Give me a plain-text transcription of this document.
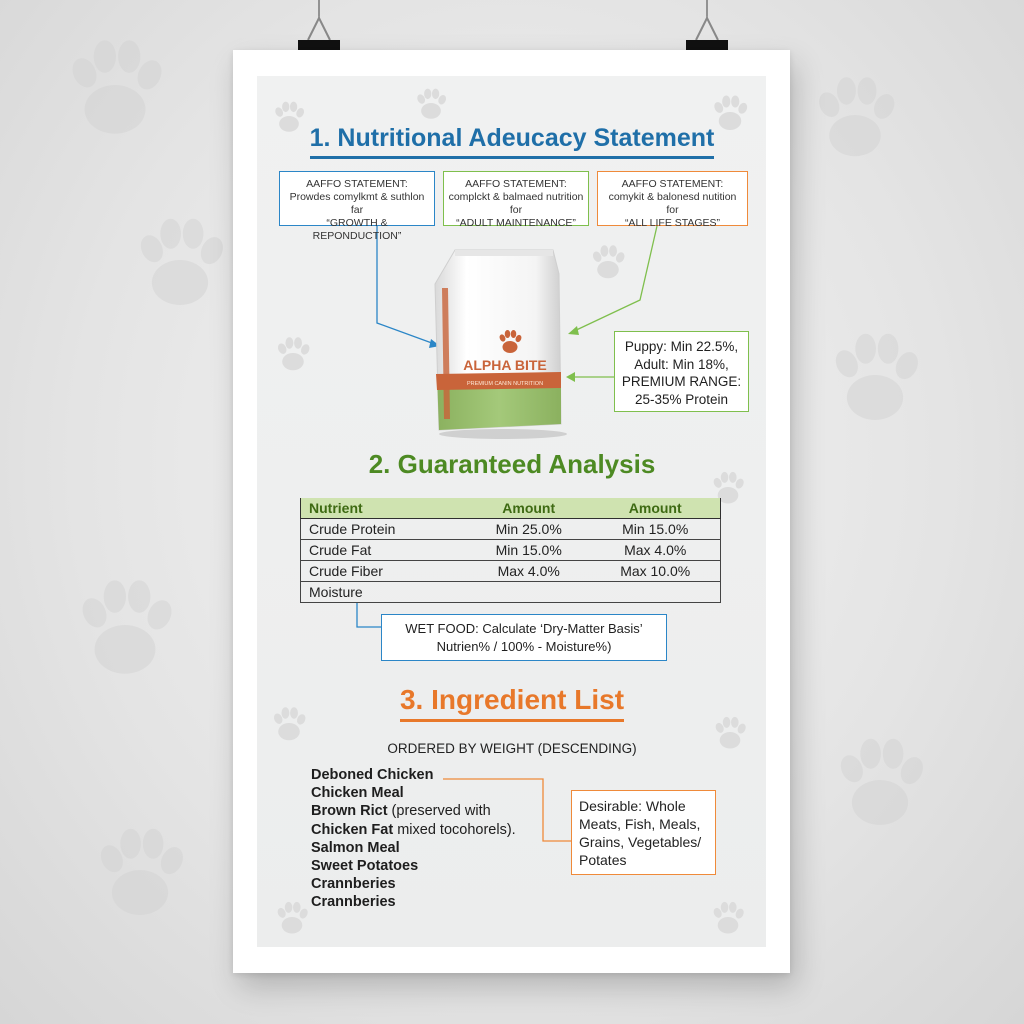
1. Nutritional Adeucacy Statement
AAFFO STATEMENT:
Prowdes comylkmt & suthlon far
“GROWTH & REPONDUCTION”
AAFFO STATEMENT:
complckt & balmaed nutrition for
“ADULT MAINTENANCE”
AAFFO STATEMENT:
comykit & balonesd nutition for
“ALL LIFE STAGES”
ALPHA BITE
PREMIUM CANIN NUTRITION
Puppy: Min 22.5%,
Adult: Min 18%,
PREMIUM RANGE:
25-35% Protein
2. Guaranteed Analysis
Nutrient	Amount	Amount
Crude Protein	Min 25.0%	Min 15.0%
Crude Fat	Min 15.0%	Max 4.0%
Crude Fiber	Max 4.0%	Max 10.0%
Moisture		
WET FOOD: Calculate ‘Dry-Matter Basis’
Nutrien% / 100% - Moisture%)
3. Ingredient List
ORDERED BY WEIGHT (DESCENDING)
Deboned Chicken
Chicken Meal
Brown Rict (preserved with
Chicken Fat mixed tocohorels).
Salmon Meal
Sweet Potatoes
Crannberies
Crannberies
Desirable: Whole
Meats, Fish, Meals,
Grains, Vegetables/
Potates
